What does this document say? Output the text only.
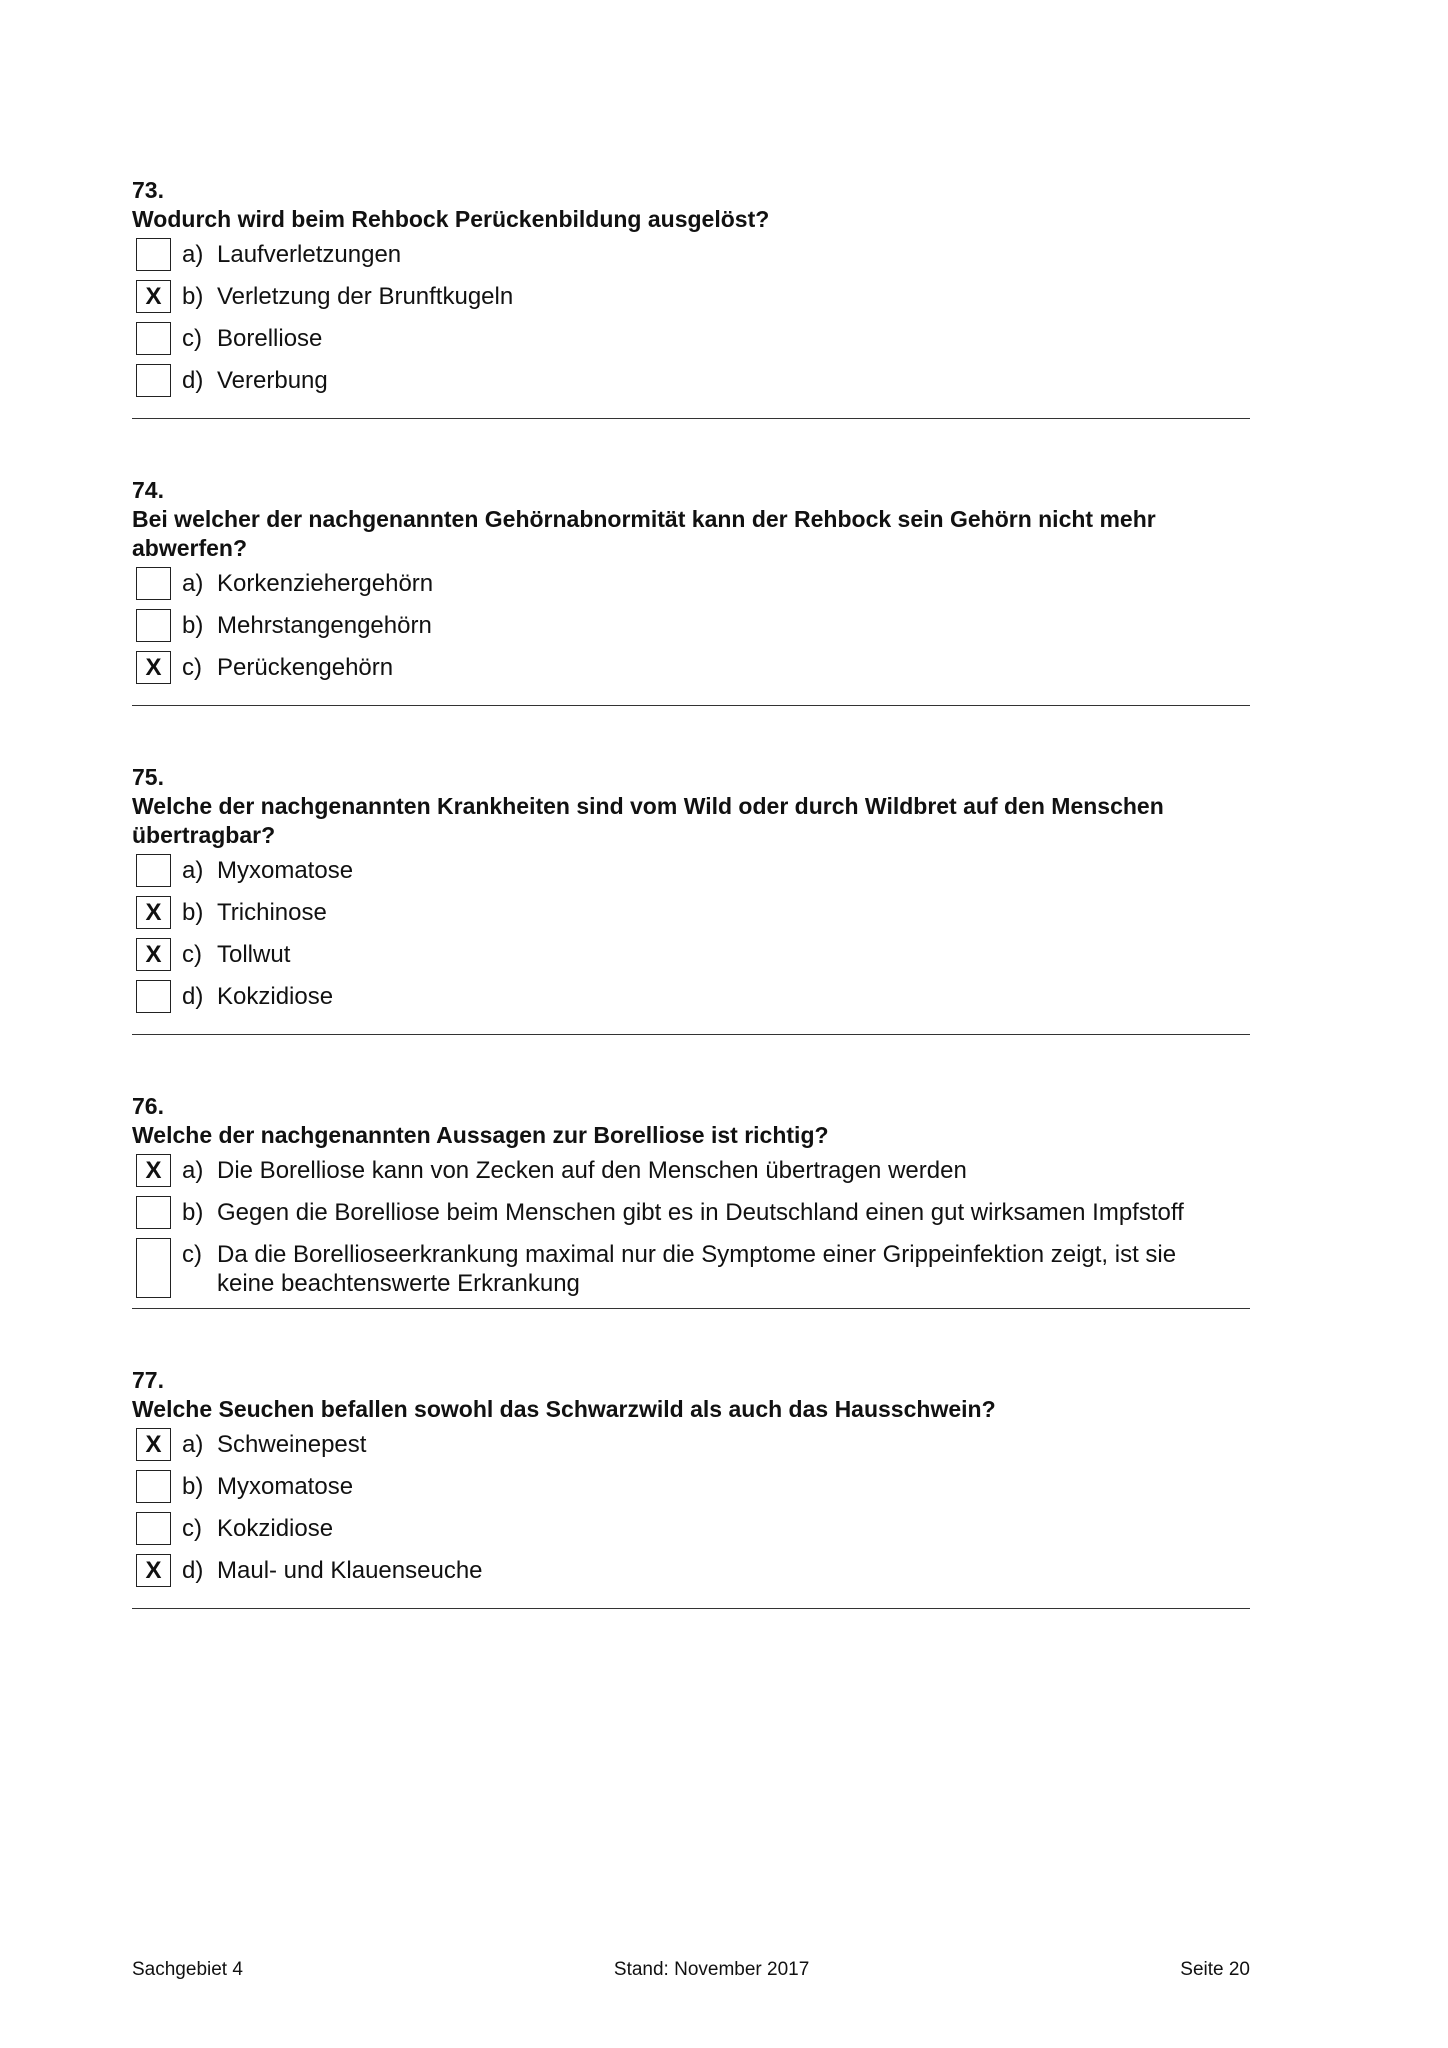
73.
Wodurch wird beim Rehbock Perückenbildung ausgelöst?
a) Laufverletzungen
X b) Verletzung der Brunftkugeln
c) Borelliose
d) Vererbung
74.
Bei welcher der nachgenannten Gehörnabnormität kann der Rehbock sein Gehörn nicht mehr abwerfen?
a) Korkenziehergehörn
b) Mehrstangengehörn
X c) Perückengehörn
75.
Welche der nachgenannten Krankheiten sind vom Wild oder durch Wildbret auf den Menschen übertragbar?
a) Myxomatose
X b) Trichinose
X c) Tollwut
d) Kokzidiose
76.
Welche der nachgenannten Aussagen zur Borelliose ist richtig?
X a) Die Borelliose kann von Zecken auf den Menschen übertragen werden
b) Gegen die Borelliose beim Menschen gibt es in Deutschland einen gut wirksamen Impfstoff
c) Da die Borellioseerkrankung maximal nur die Symptome einer Grippeinfektion zeigt, ist sie keine beachtenswerte Erkrankung
77.
Welche Seuchen befallen sowohl das Schwarzwild als auch das Hausschwein?
X a) Schweinepest
b) Myxomatose
c) Kokzidiose
X d) Maul- und Klauenseuche
Sachgebiet 4	Stand: November 2017	Seite 20
